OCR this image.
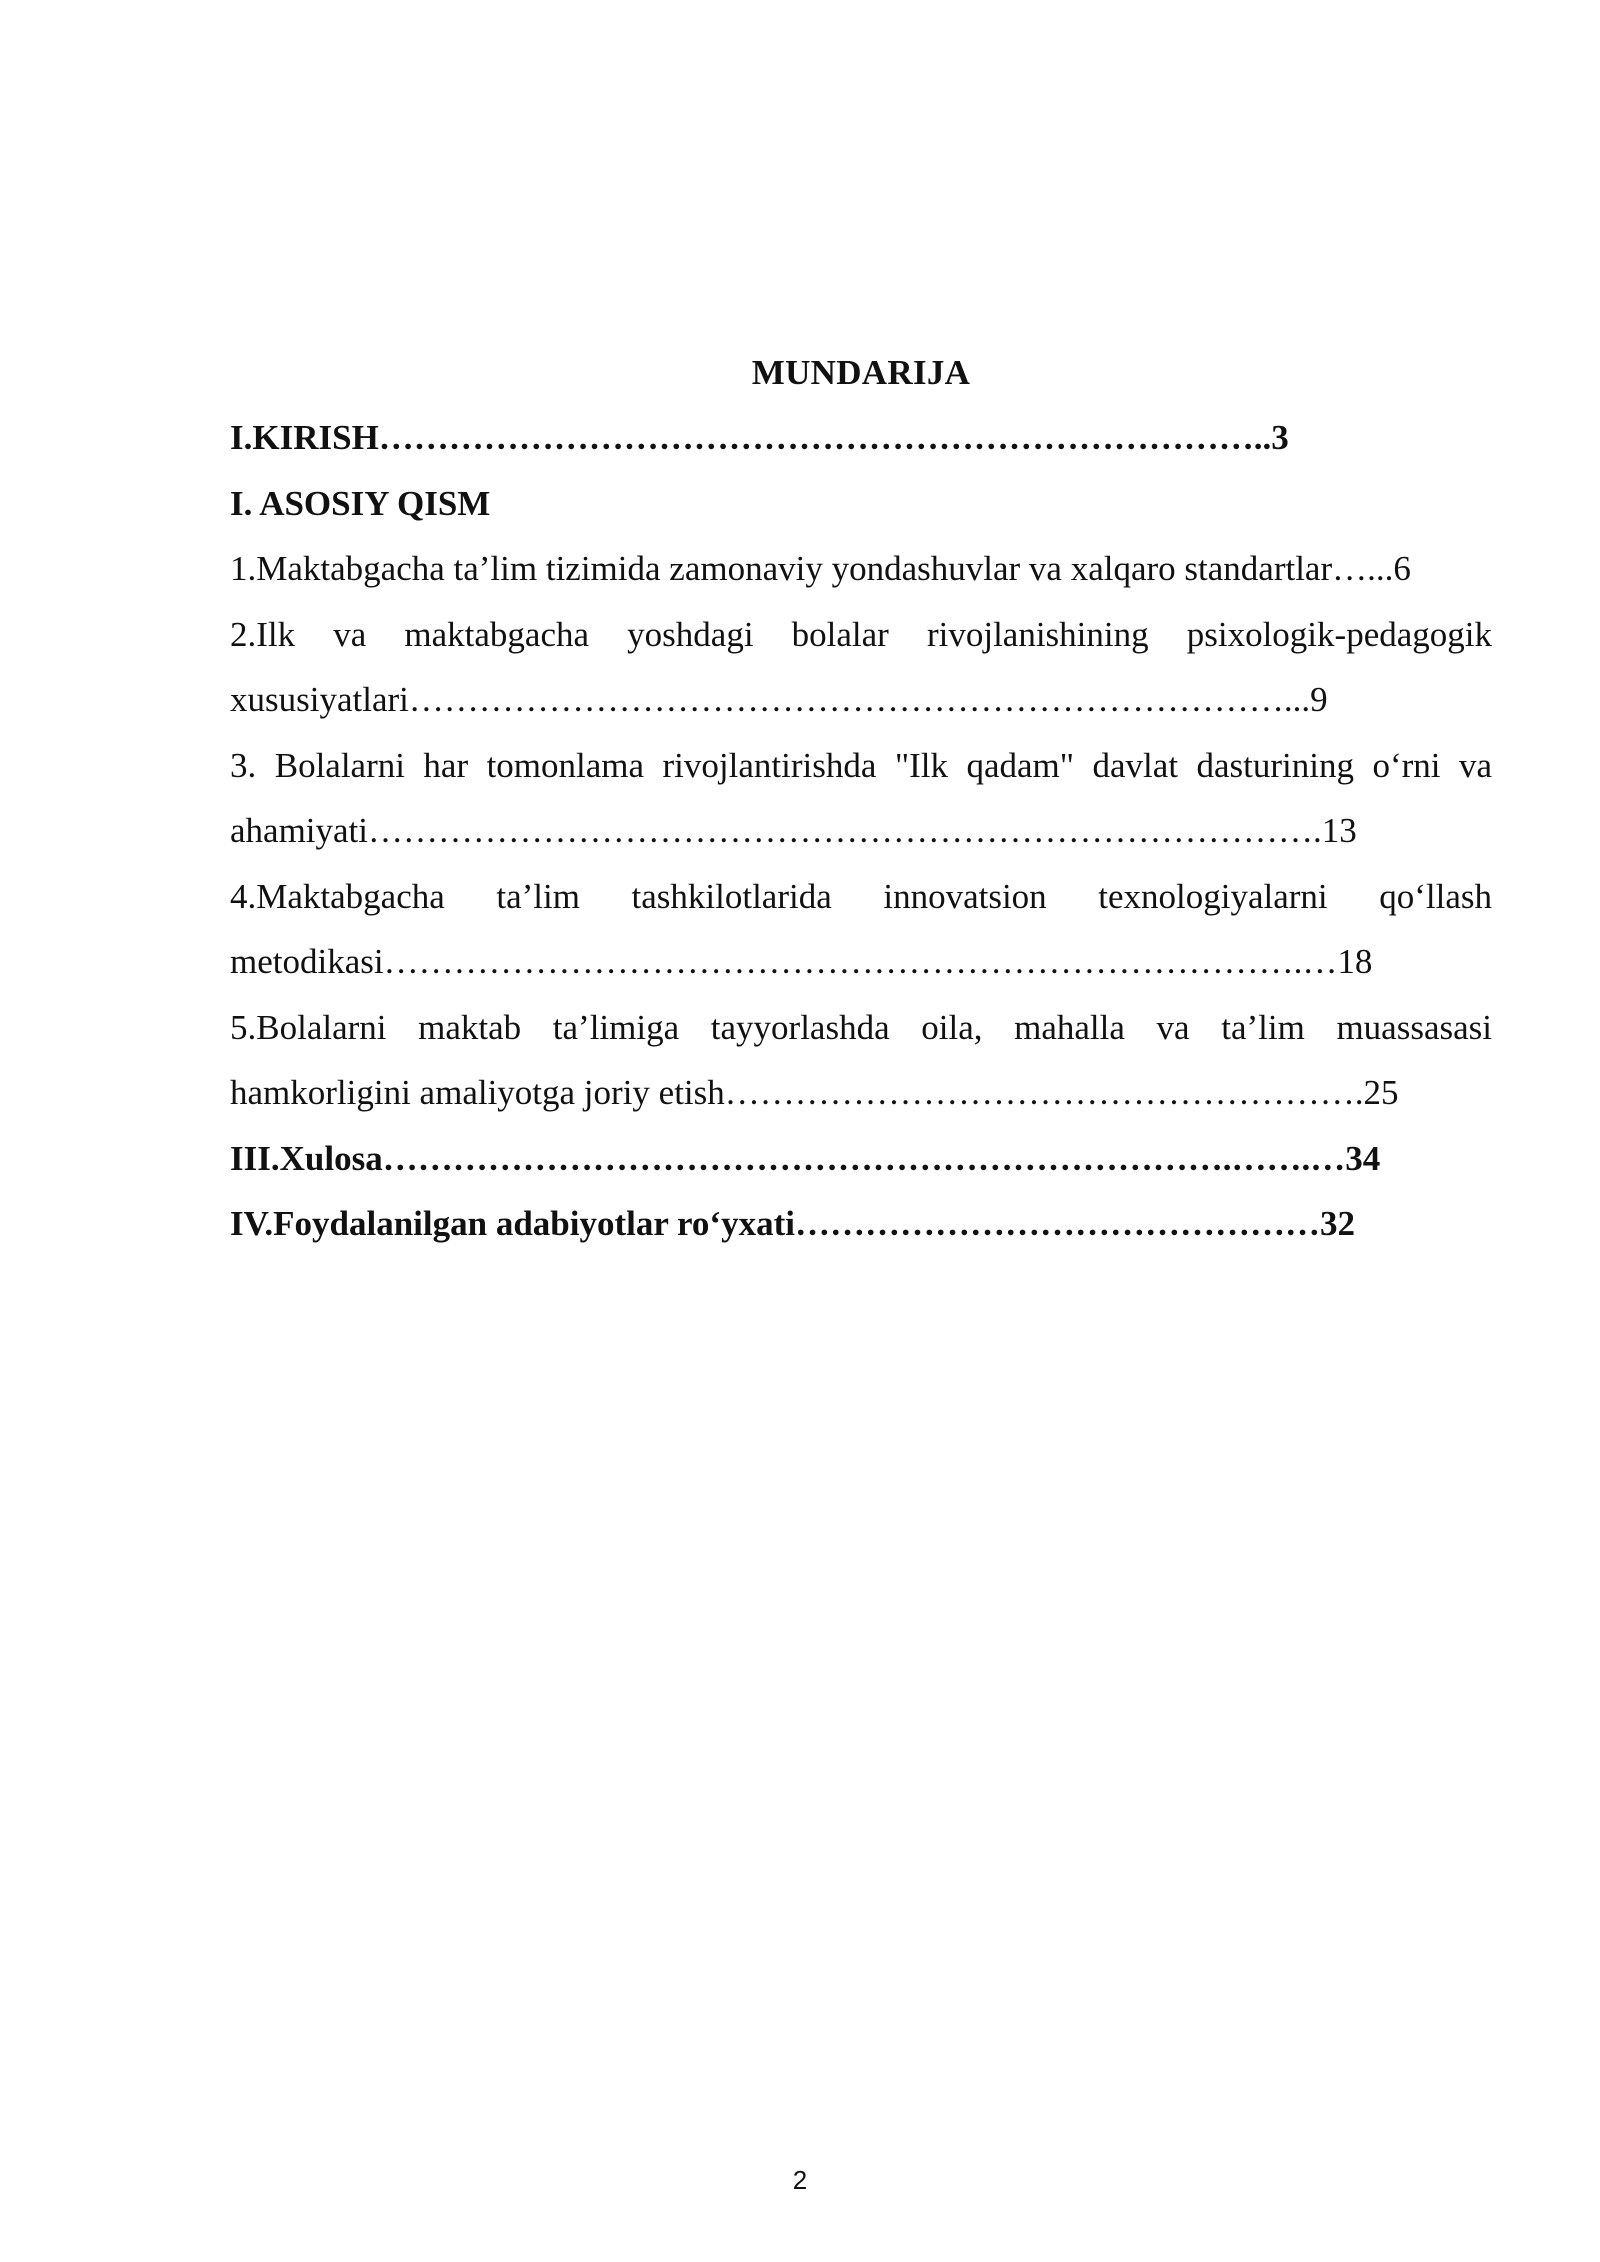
MUNDARIJA

I.KIRISH…………………………………………………………………..3

I. ASOSIY QISM

1.Maktabgacha ta’lim tizimida zamonaviy yondashuvlar va xalqaro standartlar…...6

2.Ilk va maktabgacha yoshdagi bolalar rivojlanishining psixologik-pedagogik

xususiyatlari…………………………………………………………………...9

3. Bolalarni har tomonlama rivojlantirishda "Ilk qadam" davlat dasturining o‘rni va

ahamiyati……………………………………………………………………….13

4.Maktabgacha ta’lim tashkilotlarida innovatsion texnologiyalarni qo‘llash

metodikasi…………………………………………………………………….…18

5.Bolalarni maktab ta’limiga tayyorlashda oila, mahalla va ta’lim muassasasi

hamkorligini amaliyotga joriy etish……………………………………………….25

III.Xulosa……………………………………………………………….…….…34

IV.Foydalanilgan adabiyotlar ro‘yxati………………………………………32

2
